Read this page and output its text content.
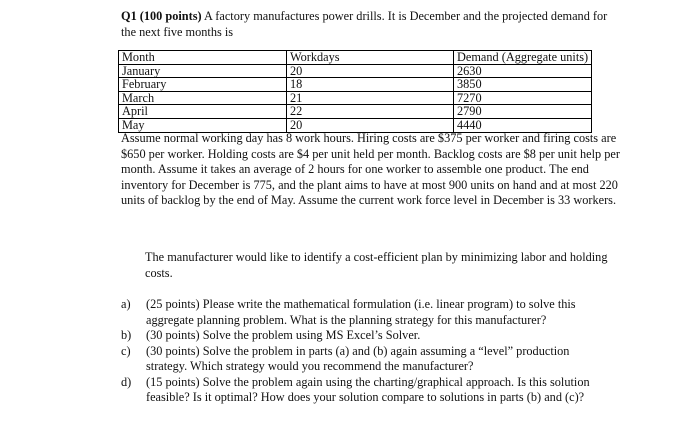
Q1 (100 points) A factory manufactures power drills. It is December and the projected demand for the next five months is
Month	Workdays	Demand (Aggregate units)
January	20	2630
February	18	3850
March	21	7270
April	22	2790
May	20	4440
Assume normal working day has 8 work hours. Hiring costs are $375 per worker and firing costs are $650 per worker. Holding costs are $4 per unit held per month. Backlog costs are $8 per unit help per month. Assume it takes an average of 2 hours for one worker to assemble one product. The end inventory for December is 775, and the plant aims to have at most 900 units on hand and at most 220 units of backlog by the end of May. Assume the current work force level in December is 33 workers.
The manufacturer would like to identify a cost-efficient plan by minimizing labor and holding costs.
a) (25 points) Please write the mathematical formulation (i.e. linear program) to solve this aggregate planning problem. What is the planning strategy for this manufacturer?
b) (30 points) Solve the problem using MS Excel’s Solver.
c) (30 points) Solve the problem in parts (a) and (b) again assuming a “level” production strategy. Which strategy would you recommend the manufacturer?
d) (15 points) Solve the problem again using the charting/graphical approach. Is this solution feasible? Is it optimal? How does your solution compare to solutions in parts (b) and (c)?
